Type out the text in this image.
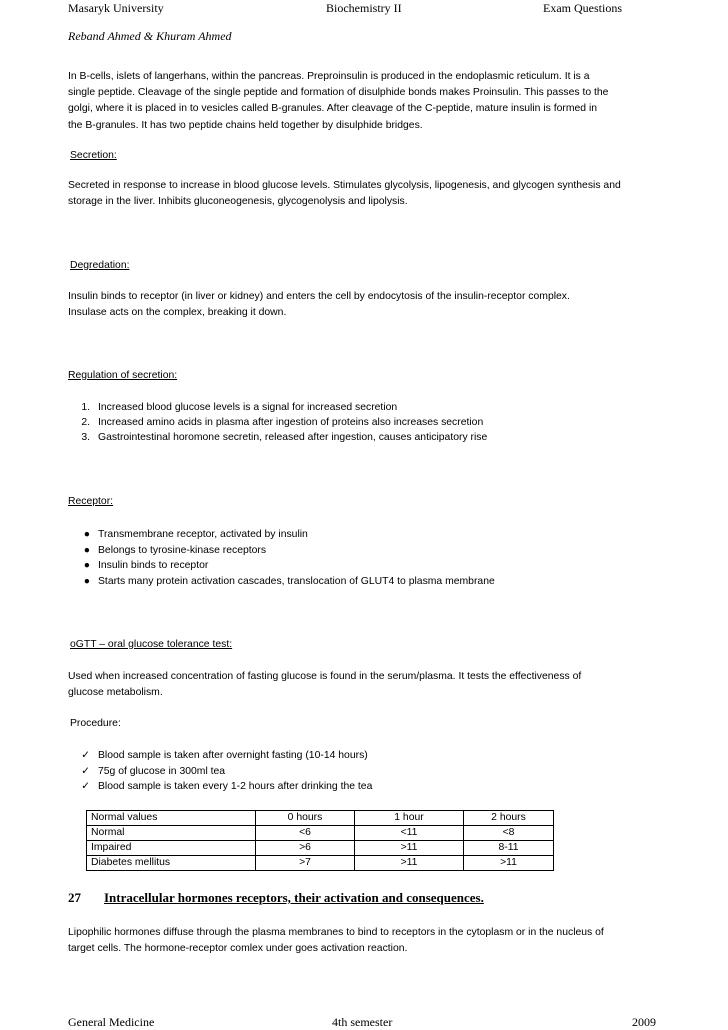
Masaryk University	Biochemistry II	Exam Questions
Reband Ahmed & Khuram Ahmed
In B-cells, islets of langerhans, within the pancreas. Preproinsulin is produced in the endoplasmic reticulum. It is a
single peptide. Cleavage of the single peptide and formation of disulphide bonds makes Proinsulin. This passes to the
golgi, where it is placed in to vesicles called B-granules. After cleavage of the C-peptide, mature insulin is formed in
the B-granules. It has two peptide chains held together by disulphide bridges.
Secretion:
Secreted in response to increase in blood glucose levels. Stimulates glycolysis, lipogenesis, and glycogen synthesis and
storage in the liver. Inhibits gluconeogenesis, glycogenolysis and lipolysis.
Degredation:
Insulin binds to receptor (in liver or kidney) and enters the cell by endocytosis of the insulin-receptor complex.
Insulase acts on the complex, breaking it down.
Regulation of secretion:
1. Increased blood glucose levels is a signal for increased secretion
2. Increased amino acids in plasma after ingestion of proteins also increases secretion
3. Gastrointestinal horomone secretin, released after ingestion, causes anticipatory rise
Receptor:
● Transmembrane receptor, activated by insulin
● Belongs to tyrosine-kinase receptors
● Insulin binds to receptor
● Starts many protein activation cascades, translocation of GLUT4 to plasma membrane
oGTT – oral glucose tolerance test:
Used when increased concentration of fasting glucose is found in the serum/plasma. It tests the effectiveness of
glucose metabolism.
Procedure:
✓ Blood sample is taken after overnight fasting (10-14 hours)
✓ 75g of glucose in 300ml tea
✓ Blood sample is taken every 1-2 hours after drinking the tea
Normal values	0 hours	1 hour	2 hours
Normal	<6	<11	<8
Impaired	>6	>11	8-11
Diabetes mellitus	>7	>11	>11
27 Intracellular hormones receptors, their activation and consequences.
Lipophilic hormones diffuse through the plasma membranes to bind to receptors in the cytoplasm or in the nucleus of
target cells. The hormone-receptor comlex under goes activation reaction.
General Medicine	4th semester	2009
